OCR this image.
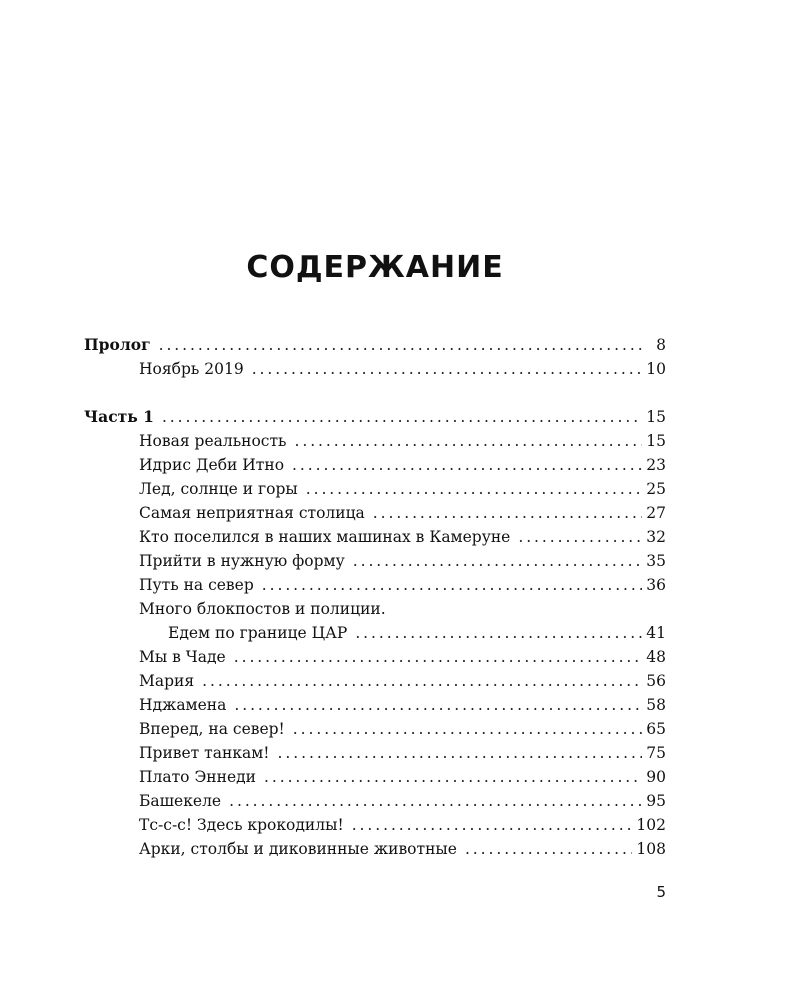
СОДЕРЖАНИЕ
Пролог . . .	8
Ноябрь 2019 . . .	10
Часть 1 . . .	15
Новая реальность . . .	15
Идрис Деби Итно . . .	23
Лед, солнце и горы . . .	25
Самая неприятная столица . . .	27
Кто поселился в наших машинах в Камеруне . . .	32
Прийти в нужную форму . . .	35
Путь на север . . .	36
Много блокпостов и полиции.
Едем по границе ЦАР . . .	41
Мы в Чаде . . .	48
Мария . . .	56
Нджамена . . .	58
Вперед, на север! . . .	65
Привет танкам! . . .	75
Плато Эннеди . . .	90
Башекеле . . .	95
Тс-с-с! Здесь крокодилы! . . .	102
Арки, столбы и диковинные животные . . .	108
5
